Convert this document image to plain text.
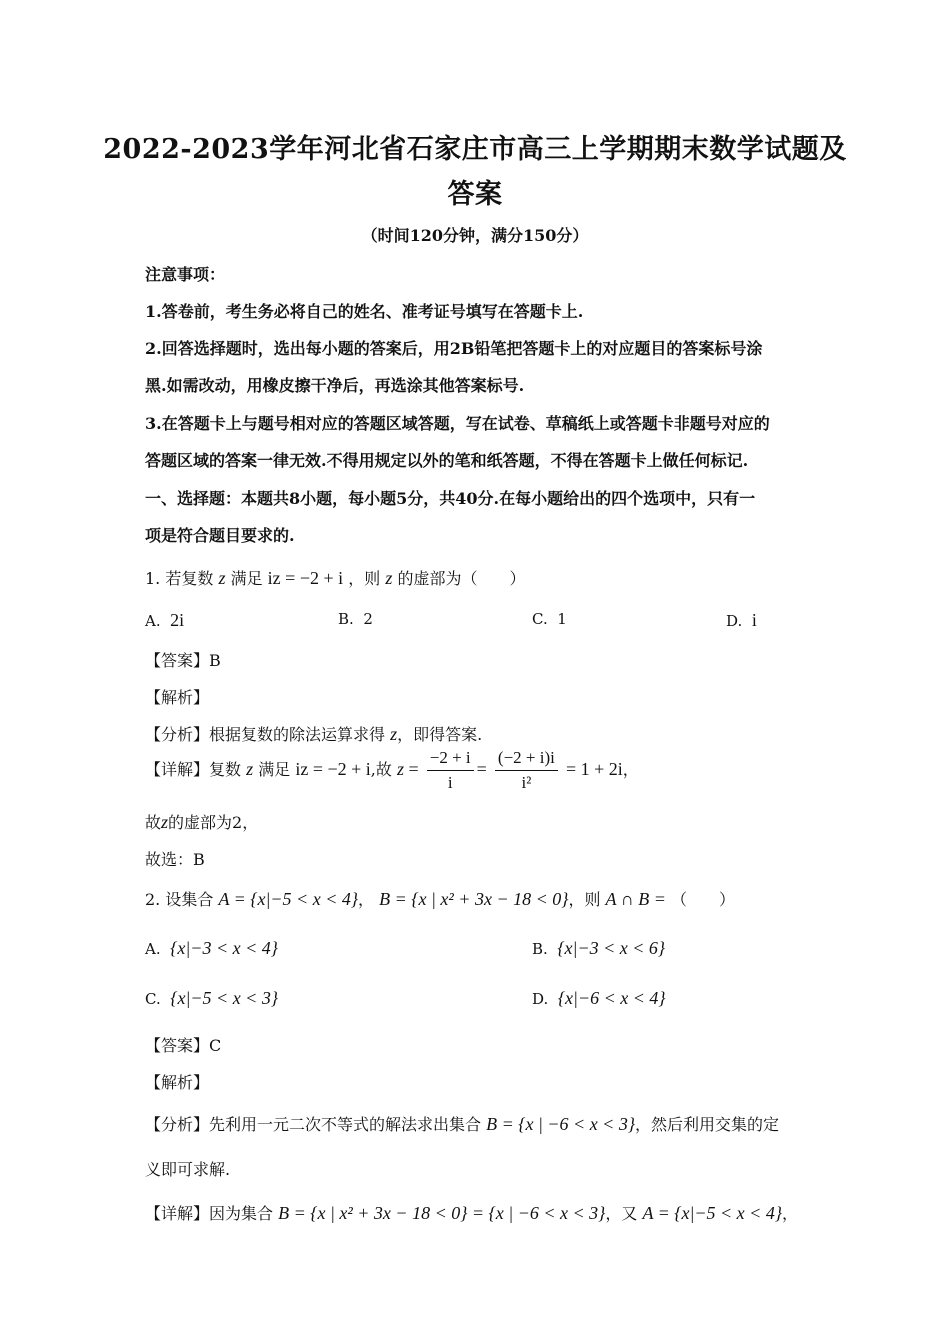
2022-2023学年河北省石家庄市高三上学期期末数学试题及
答案
（时间120分钟，满分150分）
注意事项：
1.答卷前，考生务必将自己的姓名、准考证号填写在答题卡上.
2.回答选择题时，选出每小题的答案后，用2B铅笔把答题卡上的对应题目的答案标号涂
黑.如需改动，用橡皮擦干净后，再选涂其他答案标号.
3.在答题卡上与题号相对应的答题区域答题，写在试卷、草稿纸上或答题卡非题号对应的
答题区域的答案一律无效.不得用规定以外的笔和纸答题，不得在答题卡上做任何标记.
一、选择题：本题共8小题，每小题5分，共40分.在每小题给出的四个选项中，只有一
项是符合题目要求的.
1. 若复数 z 满足 iz = −2 + i ，则 z 的虚部为（　　）
A. 2i	B. 2	C. 1	D. i
【答案】B
【解析】
【分析】根据复数的除法运算求得 z，即得答案.
【详解】复数 z 满足 iz = −2 + i,故 $z = \frac{-2 + i}{i} = \frac{(-2 + i)i}{\text{i²}} = 1 + 2i$，
故z的虚部为2，
故选：B
2. 设集合 A = {x|−5 < x < 4}， B = {x | x² + 3x − 18 < 0}，则 A ∩ B = （　　）
A. {x|−3 < x < 4}	B. {x|−3 < x < 6}
C. {x|−5 < x < 3}	D. {x|−6 < x < 4}
【答案】C
【解析】
【分析】先利用一元二次不等式的解法求出集合 B = {x | −6 < x < 3}，然后利用交集的定
义即可求解.
【详解】因为集合 B = {x | x² + 3x − 18 < 0} = {x | −6 < x < 3}，又 A = {x|−5 < x < 4}，
